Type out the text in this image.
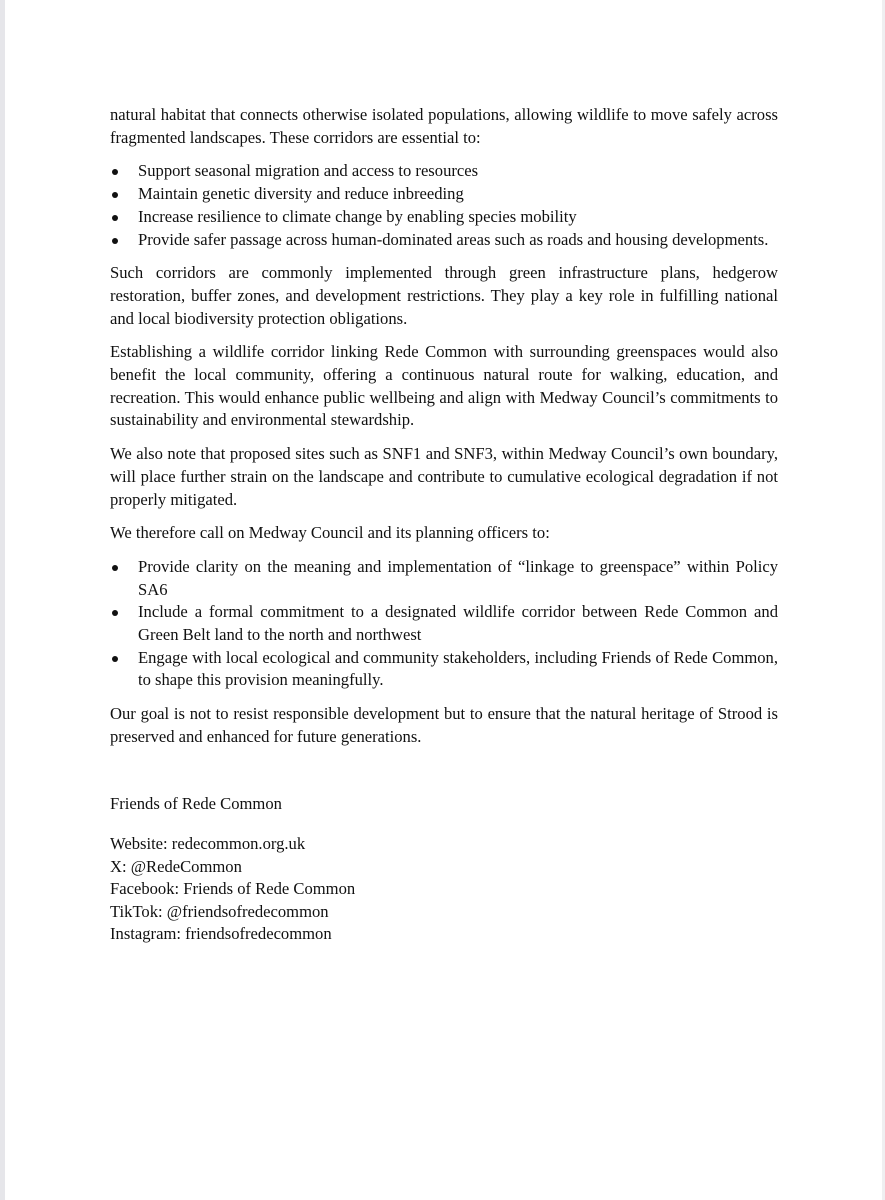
natural habitat that connects otherwise isolated populations, allowing wildlife to move safely across fragmented landscapes. These corridors are essential to:

Support seasonal migration and access to resources
Maintain genetic diversity and reduce inbreeding
Increase resilience to climate change by enabling species mobility
Provide safer passage across human-dominated areas such as roads and housing developments.

Such corridors are commonly implemented through green infrastructure plans, hedgerow restoration, buffer zones, and development restrictions. They play a key role in fulfilling national and local biodiversity protection obligations.

Establishing a wildlife corridor linking Rede Common with surrounding greenspaces would also benefit the local community, offering a continuous natural route for walking, education, and recreation. This would enhance public wellbeing and align with Medway Council’s commitments to sustainability and environmental stewardship.

We also note that proposed sites such as SNF1 and SNF3, within Medway Council’s own boundary, will place further strain on the landscape and contribute to cumulative ecological degradation if not properly mitigated.

We therefore call on Medway Council and its planning officers to:

Provide clarity on the meaning and implementation of “linkage to greenspace” within Policy SA6
Include a formal commitment to a designated wildlife corridor between Rede Common and Green Belt land to the north and northwest
Engage with local ecological and community stakeholders, including Friends of Rede Common, to shape this provision meaningfully.

Our goal is not to resist responsible development but to ensure that the natural heritage of Strood is preserved and enhanced for future generations.

Friends of Rede Common
Website: redecommon.org.uk
X: @RedeCommon
Facebook: Friends of Rede Common
TikTok: @friendsofredecommon
Instagram: friendsofredecommon
